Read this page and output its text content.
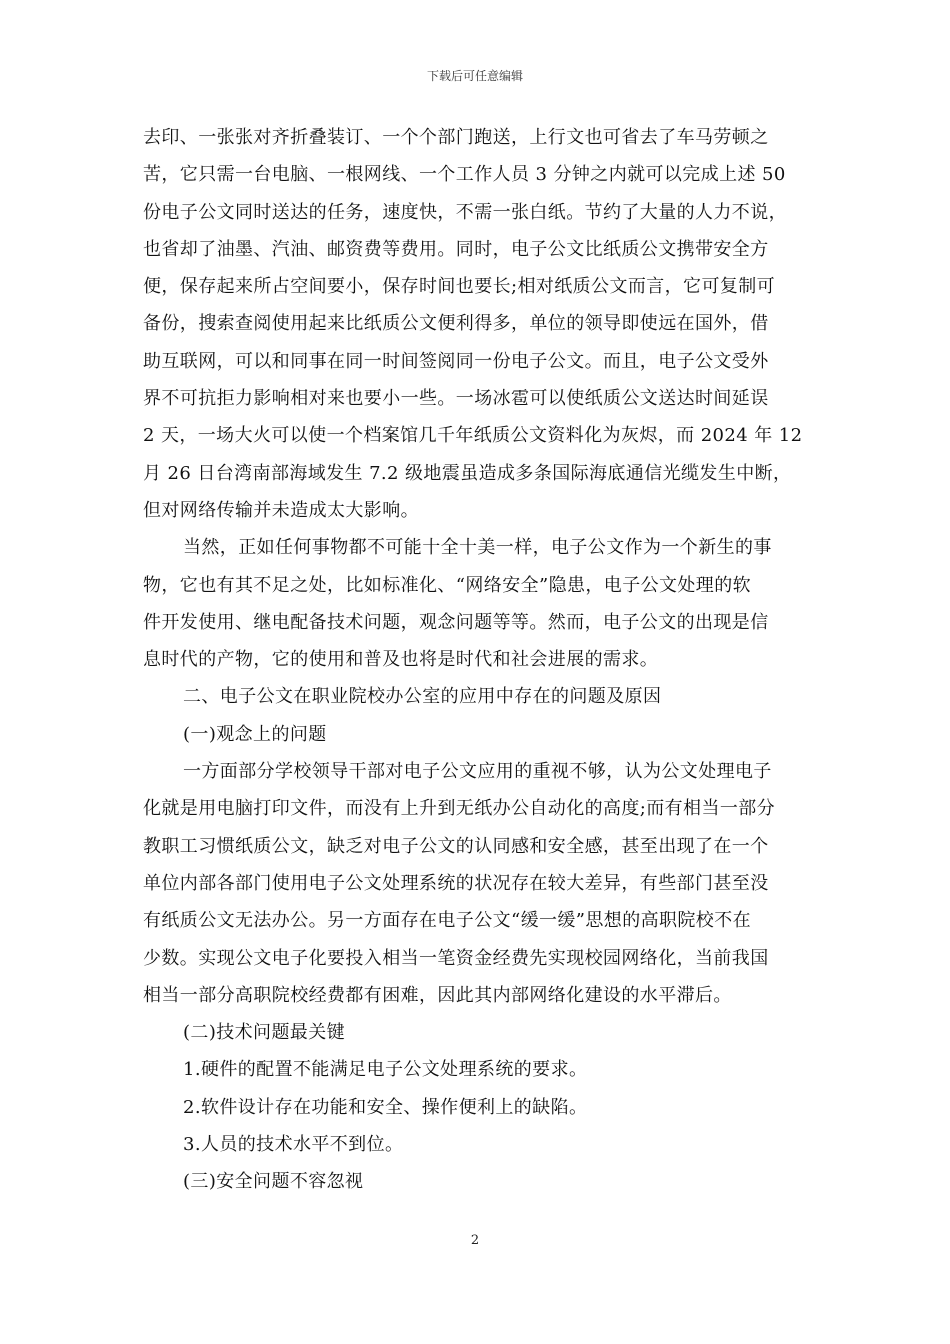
下载后可任意编辑
去印、一张张对齐折叠装订、一个个部门跑送，上行文也可省去了车马劳顿之
苦，它只需一台电脑、一根网线、一个工作人员 3 分钟之内就可以完成上述 50
份电子公文同时送达的任务，速度快，不需一张白纸。节约了大量的人力不说，
也省却了油墨、汽油、邮资费等费用。同时，电子公文比纸质公文携带安全方
便，保存起来所占空间要小，保存时间也要长;相对纸质公文而言，它可复制可
备份，搜索查阅使用起来比纸质公文便利得多，单位的领导即使远在国外，借
助互联网，可以和同事在同一时间签阅同一份电子公文。而且，电子公文受外
界不可抗拒力影响相对来也要小一些。一场冰雹可以使纸质公文送达时间延误
2 天，一场大火可以使一个档案馆几千年纸质公文资料化为灰烬，而 2024 年 12
月 26 日台湾南部海域发生 7.2 级地震虽造成多条国际海底通信光缆发生中断，
但对网络传输并未造成太大影响。
当然，正如任何事物都不可能十全十美一样，电子公文作为一个新生的事
物，它也有其不足之处，比如标准化、“网络安全”隐患，电子公文处理的软
件开发使用、继电配备技术问题，观念问题等等。然而，电子公文的出现是信
息时代的产物，它的使用和普及也将是时代和社会进展的需求。
二、电子公文在职业院校办公室的应用中存在的问题及原因
(一)观念上的问题
一方面部分学校领导干部对电子公文应用的重视不够，认为公文处理电子
化就是用电脑打印文件，而没有上升到无纸办公自动化的高度;而有相当一部分
教职工习惯纸质公文，缺乏对电子公文的认同感和安全感，甚至出现了在一个
单位内部各部门使用电子公文处理系统的状况存在较大差异，有些部门甚至没
有纸质公文无法办公。另一方面存在电子公文“缓一缓”思想的高职院校不在
少数。实现公文电子化要投入相当一笔资金经费先实现校园网络化，当前我国
相当一部分高职院校经费都有困难，因此其内部网络化建设的水平滞后。
(二)技术问题最关键
1.硬件的配置不能满足电子公文处理系统的要求。
2.软件设计存在功能和安全、操作便利上的缺陷。
3.人员的技术水平不到位。
(三)安全问题不容忽视
2
